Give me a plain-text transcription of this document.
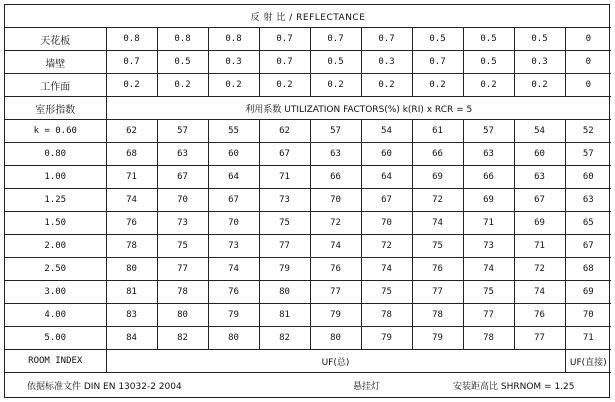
反 射 比 / REFLECTANCE										
天花板	0.8	0.8	0.8	0.7	0.7	0.7	0.5	0.5	0.5	0
墙壁	0.7	0.5	0.3	0.7	0.5	0.3	0.7	0.5	0.3	0
工作面	0.2	0.2	0.2	0.2	0.2	0.2	0.2	0.2	0.2	0
室形指数	利用系数 UTILIZATION FACTORS(%) k(RI) x RCR = 5									
k = 0.60	62	57	55	62	57	54	61	57	54	52
0.80	68	63	60	67	63	60	66	63	60	57
1.00	71	67	64	71	66	64	69	66	63	60
1.25	74	70	67	73	70	67	72	69	67	63
1.50	76	73	70	75	72	70	74	71	69	65
2.00	78	75	73	77	74	72	75	73	71	67
2.50	80	77	74	79	76	74	76	74	72	68
3.00	81	78	76	80	77	75	77	75	74	69
4.00	83	80	79	81	79	78	78	77	76	70
5.00	84	82	80	82	80	79	79	78	77	71
ROOM INDEX	UF(总)									UF(直接)
依据标准文件 DIN EN 13032-2 2004	悬挂灯	安装距高比 SHRNOM = 1.25
